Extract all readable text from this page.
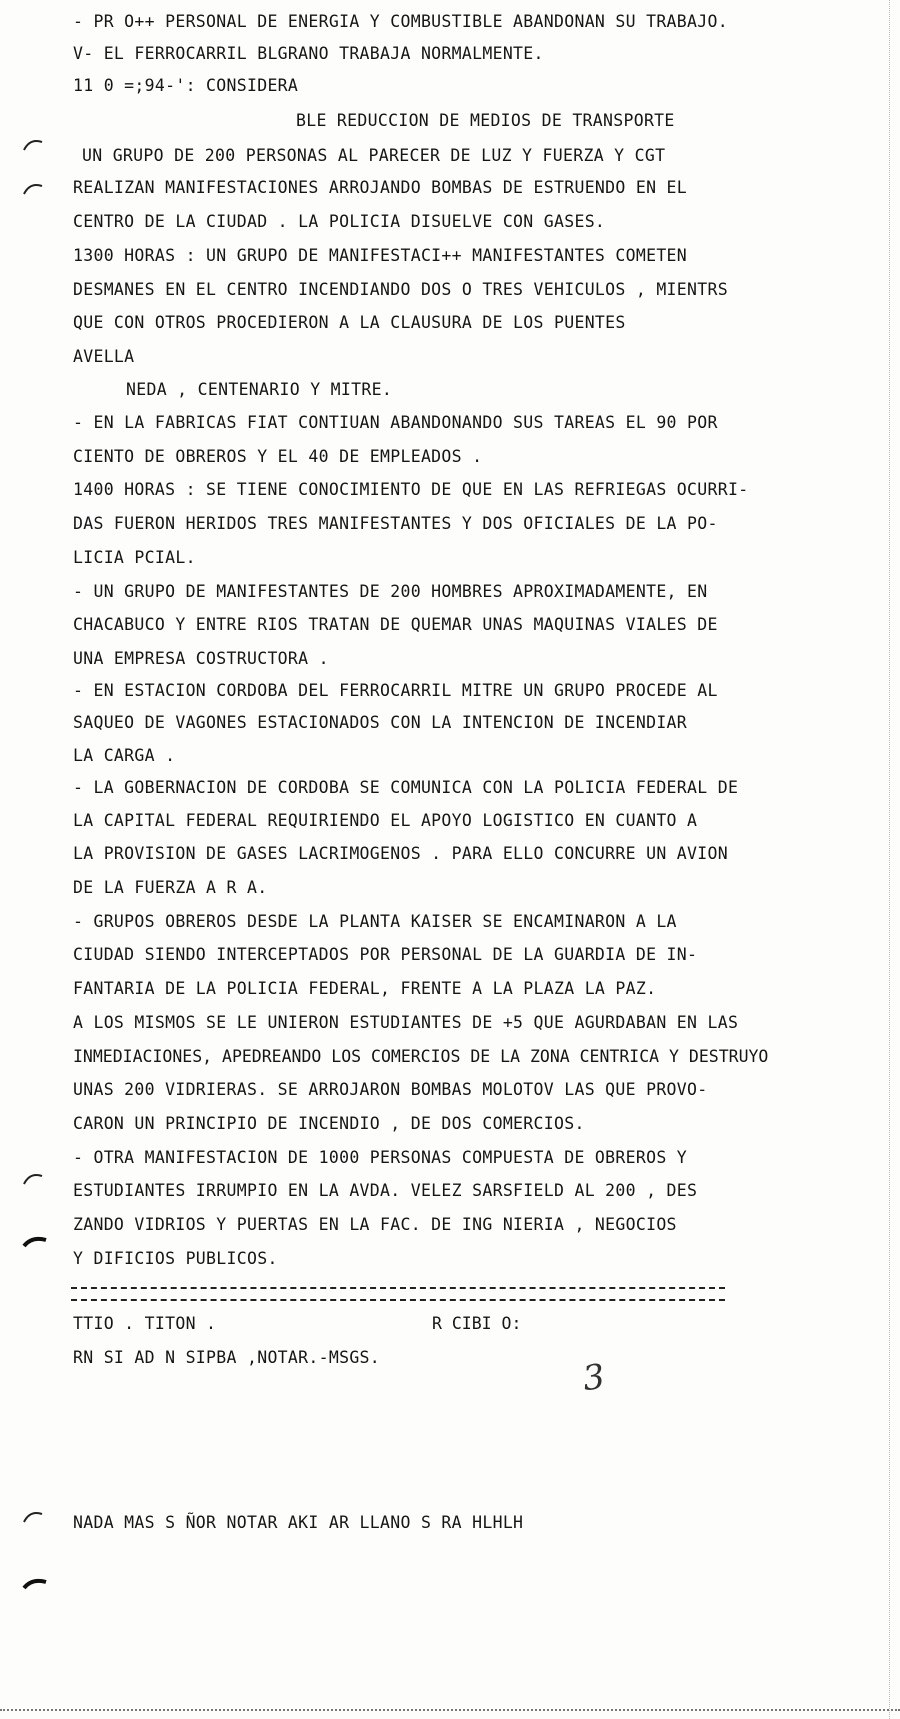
- PR O++ PERSONAL DE ENERGIA Y COMBUSTIBLE ABANDONAN SU TRABAJO.
V- EL FERROCARRIL BLGRANO TRABAJA NORMALMENTE.
11 0 =;94-': CONSIDERA
BLE REDUCCION DE MEDIOS DE TRANSPORTE
UN GRUPO DE 200 PERSONAS AL PARECER DE LUZ Y FUERZA Y CGT
REALIZAN MANIFESTACIONES ARROJANDO BOMBAS DE ESTRUENDO EN EL
CENTRO DE LA CIUDAD . LA POLICIA DISUELVE CON GASES.
1300 HORAS : UN GRUPO DE MANIFESTACI++ MANIFESTANTES COMETEN
DESMANES EN EL CENTRO INCENDIANDO DOS O TRES VEHICULOS , MIENTRS
QUE CON OTROS PROCEDIERON A LA CLAUSURA DE LOS PUENTES
AVELLA
NEDA , CENTENARIO Y MITRE.
- EN LA FABRICAS FIAT CONTIUAN ABANDONANDO SUS TAREAS EL 90 POR
CIENTO DE OBREROS Y EL 40 DE EMPLEADOS .
1400 HORAS : SE TIENE CONOCIMIENTO DE QUE EN LAS REFRIEGAS OCURRI-
DAS FUERON HERIDOS TRES MANIFESTANTES Y DOS OFICIALES DE LA PO-
LICIA PCIAL.
- UN GRUPO DE MANIFESTANTES DE 200 HOMBRES APROXIMADAMENTE, EN
CHACABUCO Y ENTRE RIOS TRATAN DE QUEMAR UNAS MAQUINAS VIALES DE
UNA EMPRESA COSTRUCTORA .
- EN ESTACION CORDOBA DEL FERROCARRIL MITRE UN GRUPO PROCEDE AL
SAQUEO DE VAGONES ESTACIONADOS CON LA INTENCION DE INCENDIAR
LA CARGA .
- LA GOBERNACION DE CORDOBA SE COMUNICA CON LA POLICIA FEDERAL DE
LA CAPITAL FEDERAL REQUIRIENDO EL APOYO LOGISTICO EN CUANTO A
LA PROVISION DE GASES LACRIMOGENOS . PARA ELLO CONCURRE UN AVION
DE LA FUERZA A R A.
- GRUPOS OBREROS DESDE LA PLANTA KAISER SE ENCAMINARON A LA
CIUDAD SIENDO INTERCEPTADOS POR PERSONAL DE LA GUARDIA DE IN-
FANTARIA DE LA POLICIA FEDERAL, FRENTE A LA PLAZA LA PAZ.
A LOS MISMOS SE LE UNIERON ESTUDIANTES DE +5 QUE AGURDABAN EN LAS
INMEDIACIONES, APEDREANDO LOS COMERCIOS DE LA ZONA CENTRICA Y DESTRUYO
UNAS 200 VIDRIERAS. SE ARROJARON BOMBAS MOLOTOV LAS QUE PROVO-
CARON UN PRINCIPIO DE INCENDIO , DE DOS COMERCIOS.
- OTRA MANIFESTACION DE 1000 PERSONAS COMPUESTA DE OBREROS Y
ESTUDIANTES IRRUMPIO EN LA AVDA. VELEZ SARSFIELD AL 200 , DES
ZANDO VIDRIOS Y PUERTAS EN LA FAC. DE ING NIERIA , NEGOCIOS
Y DIFICIOS PUBLICOS.
TTIO . TITON .	R CIBI O:
RN SI AD N SIPBA ,NOTAR.-MSGS.	3
NADA MAS S ÑOR NOTAR AKI AR LLANO S RA HLHLH
